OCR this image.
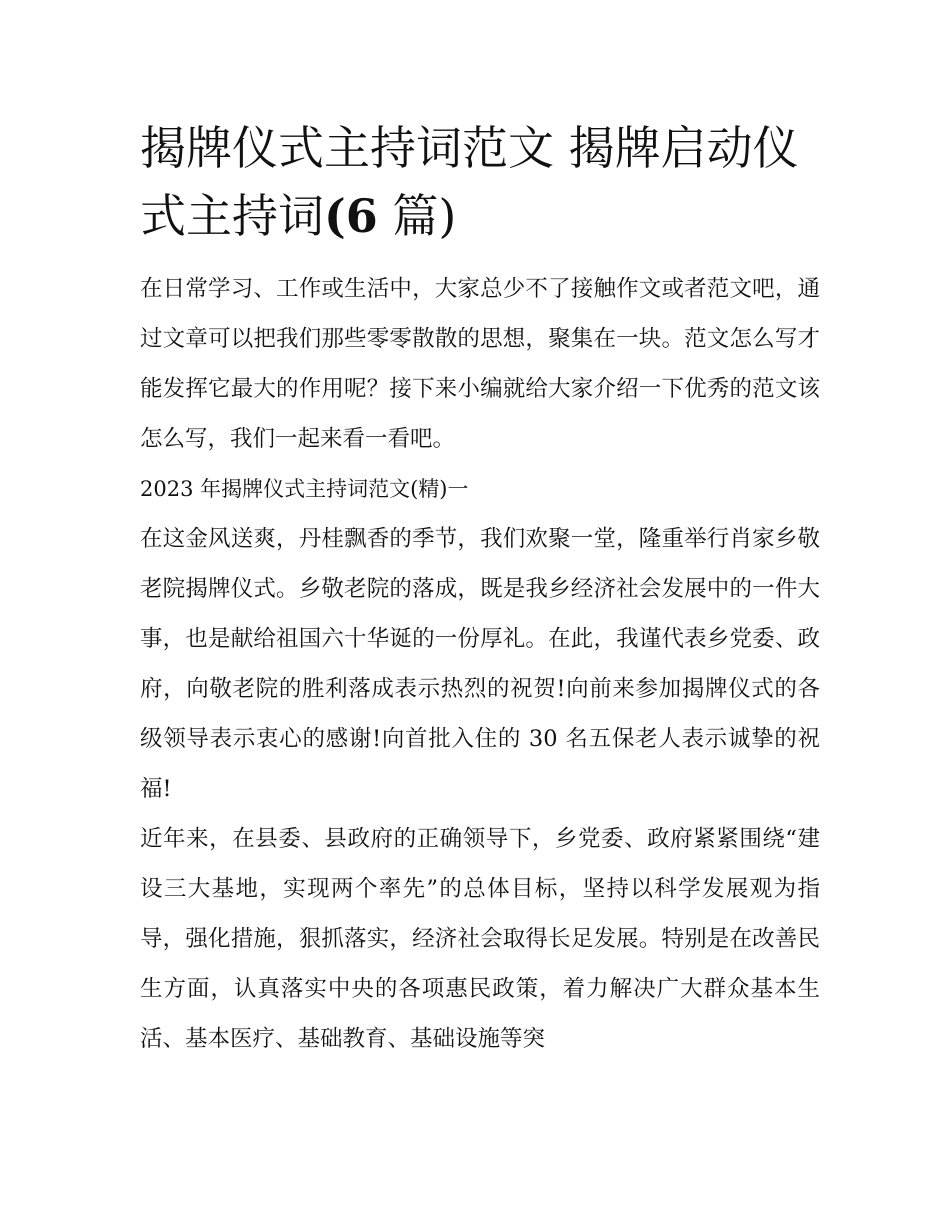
揭牌仪式主持词范文 揭牌启动仪式主持词(6 篇)

在日常学习、工作或生活中，大家总少不了接触作文或者范文吧，通过文章可以把我们那些零零散散的思想，聚集在一块。范文怎么写才能发挥它最大的作用呢？接下来小编就给大家介绍一下优秀的范文该怎么写，我们一起来看一看吧。

2023 年揭牌仪式主持词范文(精)一

在这金风送爽，丹桂飘香的季节，我们欢聚一堂，隆重举行肖家乡敬老院揭牌仪式。乡敬老院的落成，既是我乡经济社会发展中的一件大事，也是献给祖国六十华诞的一份厚礼。在此，我谨代表乡党委、政府，向敬老院的胜利落成表示热烈的祝贺!向前来参加揭牌仪式的各级领导表示衷心的感谢!向首批入住的 30 名五保老人表示诚挚的祝福!

近年来，在县委、县政府的正确领导下，乡党委、政府紧紧围绕“建设三大基地，实现两个率先”的总体目标，坚持以科学发展观为指导，强化措施，狠抓落实，经济社会取得长足发展。特别是在改善民生方面，认真落实中央的各项惠民政策，着力解决广大群众基本生活、基本医疗、基础教育、基础设施等突
